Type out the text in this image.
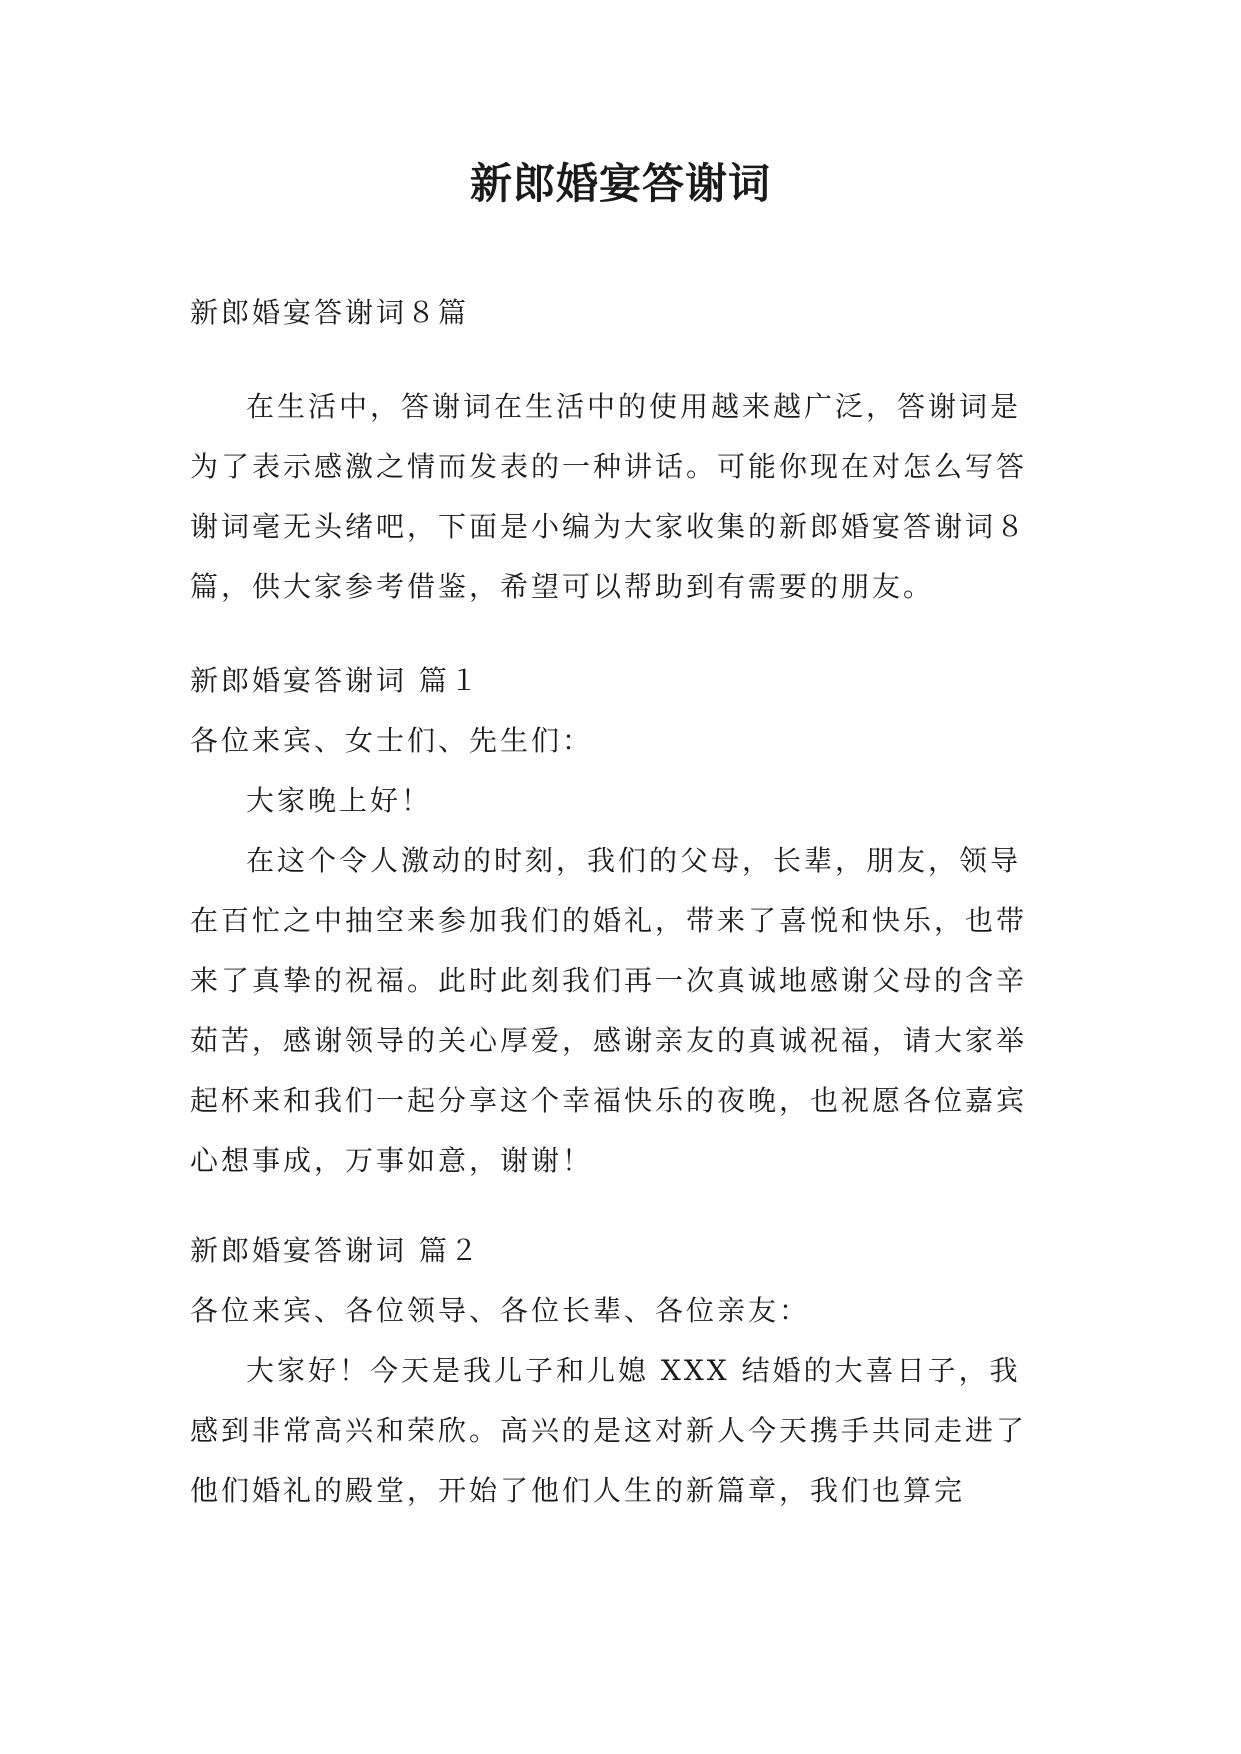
新郎婚宴答谢词

新郎婚宴答谢词８篇

在生活中，答谢词在生活中的使用越来越广泛，答谢词是为了表示感激之情而发表的一种讲话。可能你现在对怎么写答谢词毫无头绪吧，下面是小编为大家收集的新郎婚宴答谢词８篇，供大家参考借鉴，希望可以帮助到有需要的朋友。

新郎婚宴答谢词 篇１

各位来宾、女士们、先生们：

大家晚上好！

在这个令人激动的时刻，我们的父母，长辈，朋友，领导在百忙之中抽空来参加我们的婚礼，带来了喜悦和快乐，也带来了真挚的祝福。此时此刻我们再一次真诚地感谢父母的含辛茹苦，感谢领导的关心厚爱，感谢亲友的真诚祝福，请大家举起杯来和我们一起分享这个幸福快乐的夜晚，也祝愿各位嘉宾心想事成，万事如意，谢谢！

新郎婚宴答谢词 篇２

各位来宾、各位领导、各位长辈、各位亲友：

大家好！今天是我儿子和儿媳 XXX 结婚的大喜日子，我感到非常高兴和荣欣。高兴的是这对新人今天携手共同走进了他们婚礼的殿堂，开始了他们人生的新篇章，我们也算完
